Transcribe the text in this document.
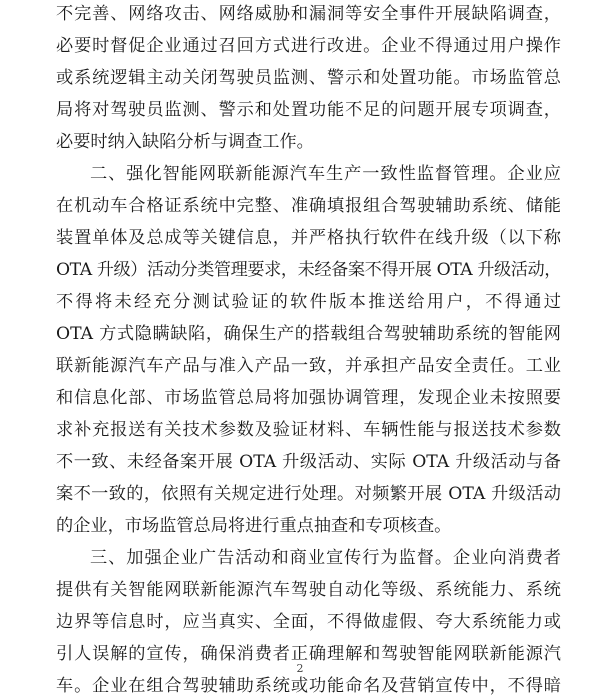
不完善、网络攻击、网络威胁和漏洞等安全事件开展缺陷调查，
必要时督促企业通过召回方式进行改进。企业不得通过用户操作
或系统逻辑主动关闭驾驶员监测、警示和处置功能。市场监管总
局将对驾驶员监测、警示和处置功能不足的问题开展专项调查，
必要时纳入缺陷分析与调查工作。
二、强化智能网联新能源汽车生产一致性监督管理。企业应
在机动车合格证系统中完整、准确填报组合驾驶辅助系统、储能
装置单体及总成等关键信息，并严格执行软件在线升级（以下称
OTA 升级）活动分类管理要求，未经备案不得开展 OTA 升级活动，
不得将未经充分测试验证的软件版本推送给用户，不得通过
OTA 方式隐瞒缺陷，确保生产的搭载组合驾驶辅助系统的智能网
联新能源汽车产品与准入产品一致，并承担产品安全责任。工业
和信息化部、市场监管总局将加强协调管理，发现企业未按照要
求补充报送有关技术参数及验证材料、车辆性能与报送技术参数
不一致、未经备案开展 OTA 升级活动、实际 OTA 升级活动与备
案不一致的，依照有关规定进行处理。对频繁开展 OTA 升级活动
的企业，市场监管总局将进行重点抽查和专项核查。
三、加强企业广告活动和商业宣传行为监督。企业向消费者
提供有关智能网联新能源汽车驾驶自动化等级、系统能力、系统
边界等信息时，应当真实、全面，不得做虚假、夸大系统能力或
引人误解的宣传，确保消费者正确理解和驾驶智能网联新能源汽
车。企业在组合驾驶辅助系统或功能命名及营销宣传中，不得暗
2
